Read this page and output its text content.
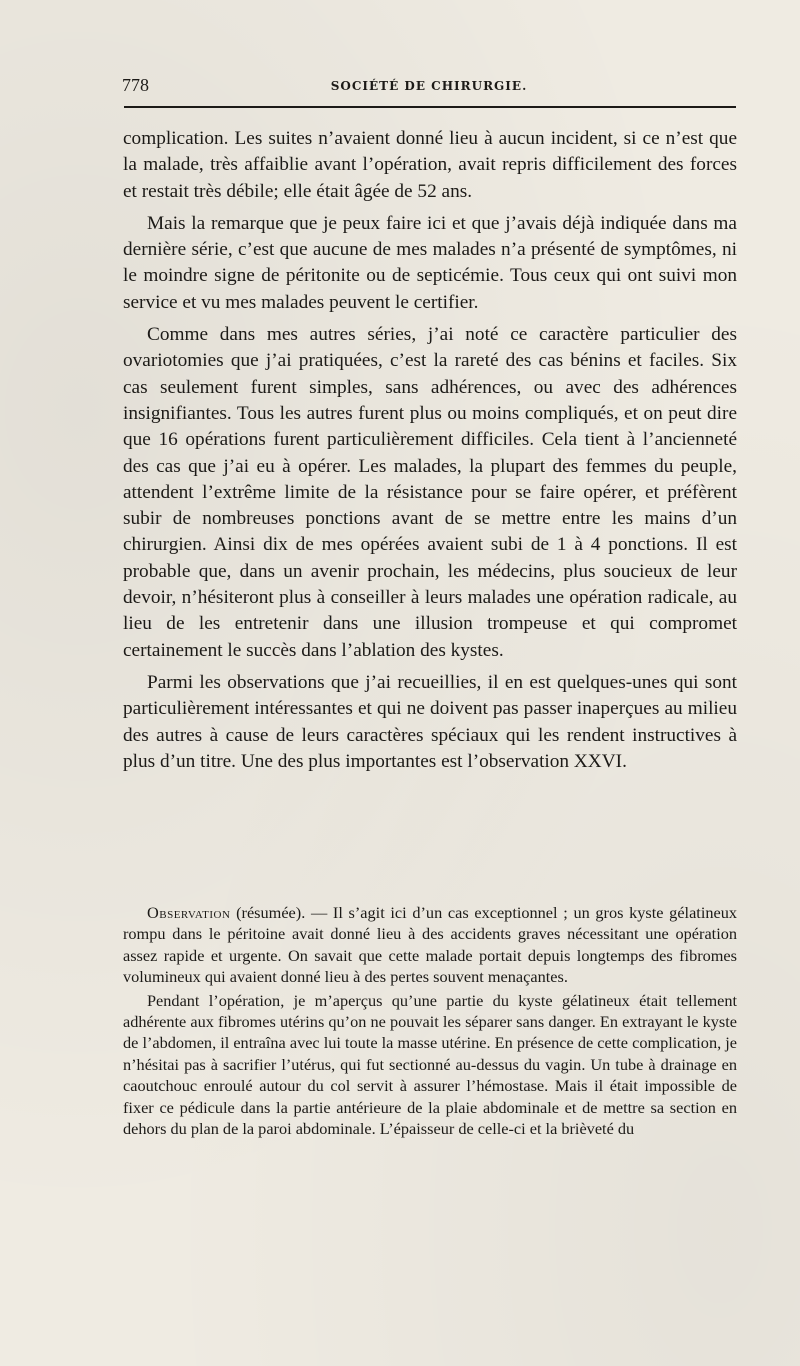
778	SOCIÉTÉ DE CHIRURGIE.

complication. Les suites n’avaient donné lieu à aucun incident, si ce n’est que la malade, très affaiblie avant l’opération, avait repris difficilement des forces et restait très débile; elle était âgée de 52 ans.

Mais la remarque que je peux faire ici et que j’avais déjà indiquée dans ma dernière série, c’est que aucune de mes malades n’a présenté de symptômes, ni le moindre signe de péritonite ou de septicémie. Tous ceux qui ont suivi mon service et vu mes malades peuvent le certifier.

Comme dans mes autres séries, j’ai noté ce caractère particulier des ovariotomies que j’ai pratiquées, c’est la rareté des cas bénins et faciles. Six cas seulement furent simples, sans adhérences, ou avec des adhérences insignifiantes. Tous les autres furent plus ou moins compliqués, et on peut dire que 16 opérations furent particulièrement difficiles. Cela tient à l’ancienneté des cas que j’ai eu à opérer. Les malades, la plupart des femmes du peuple, attendent l’extrême limite de la résistance pour se faire opérer, et préfèrent subir de nombreuses ponctions avant de se mettre entre les mains d’un chirurgien. Ainsi dix de mes opérées avaient subi de 1 à 4 ponctions. Il est probable que, dans un avenir prochain, les médecins, plus soucieux de leur devoir, n’hésiteront plus à conseiller à leurs malades une opération radicale, au lieu de les entretenir dans une illusion trompeuse et qui compromet certainement le succès dans l’ablation des kystes.

Parmi les observations que j’ai recueillies, il en est quelques-unes qui sont particulièrement intéressantes et qui ne doivent pas passer inaperçues au milieu des autres à cause de leurs caractères spéciaux qui les rendent instructives à plus d’un titre. Une des plus importantes est l’observation XXVI.

Observation (résumée). — Il s’agit ici d’un cas exceptionnel ; un gros kyste gélatineux rompu dans le péritoine avait donné lieu à des accidents graves nécessitant une opération assez rapide et urgente. On savait que cette malade portait depuis longtemps des fibromes volumineux qui avaient donné lieu à des pertes souvent menaçantes.

Pendant l’opération, je m’aperçus qu’une partie du kyste gélatineux était tellement adhérente aux fibromes utérins qu’on ne pouvait les séparer sans danger. En extrayant le kyste de l’abdomen, il entraîna avec lui toute la masse utérine. En présence de cette complication, je n’hésitai pas à sacrifier l’utérus, qui fut sectionné au-dessus du vagin. Un tube à drainage en caoutchouc enroulé autour du col servit à assurer l’hémostase. Mais il était impossible de fixer ce pédicule dans la partie antérieure de la plaie abdominale et de mettre sa section en dehors du plan de la paroi abdominale. L’épaisseur de celle-ci et la brièveté du
